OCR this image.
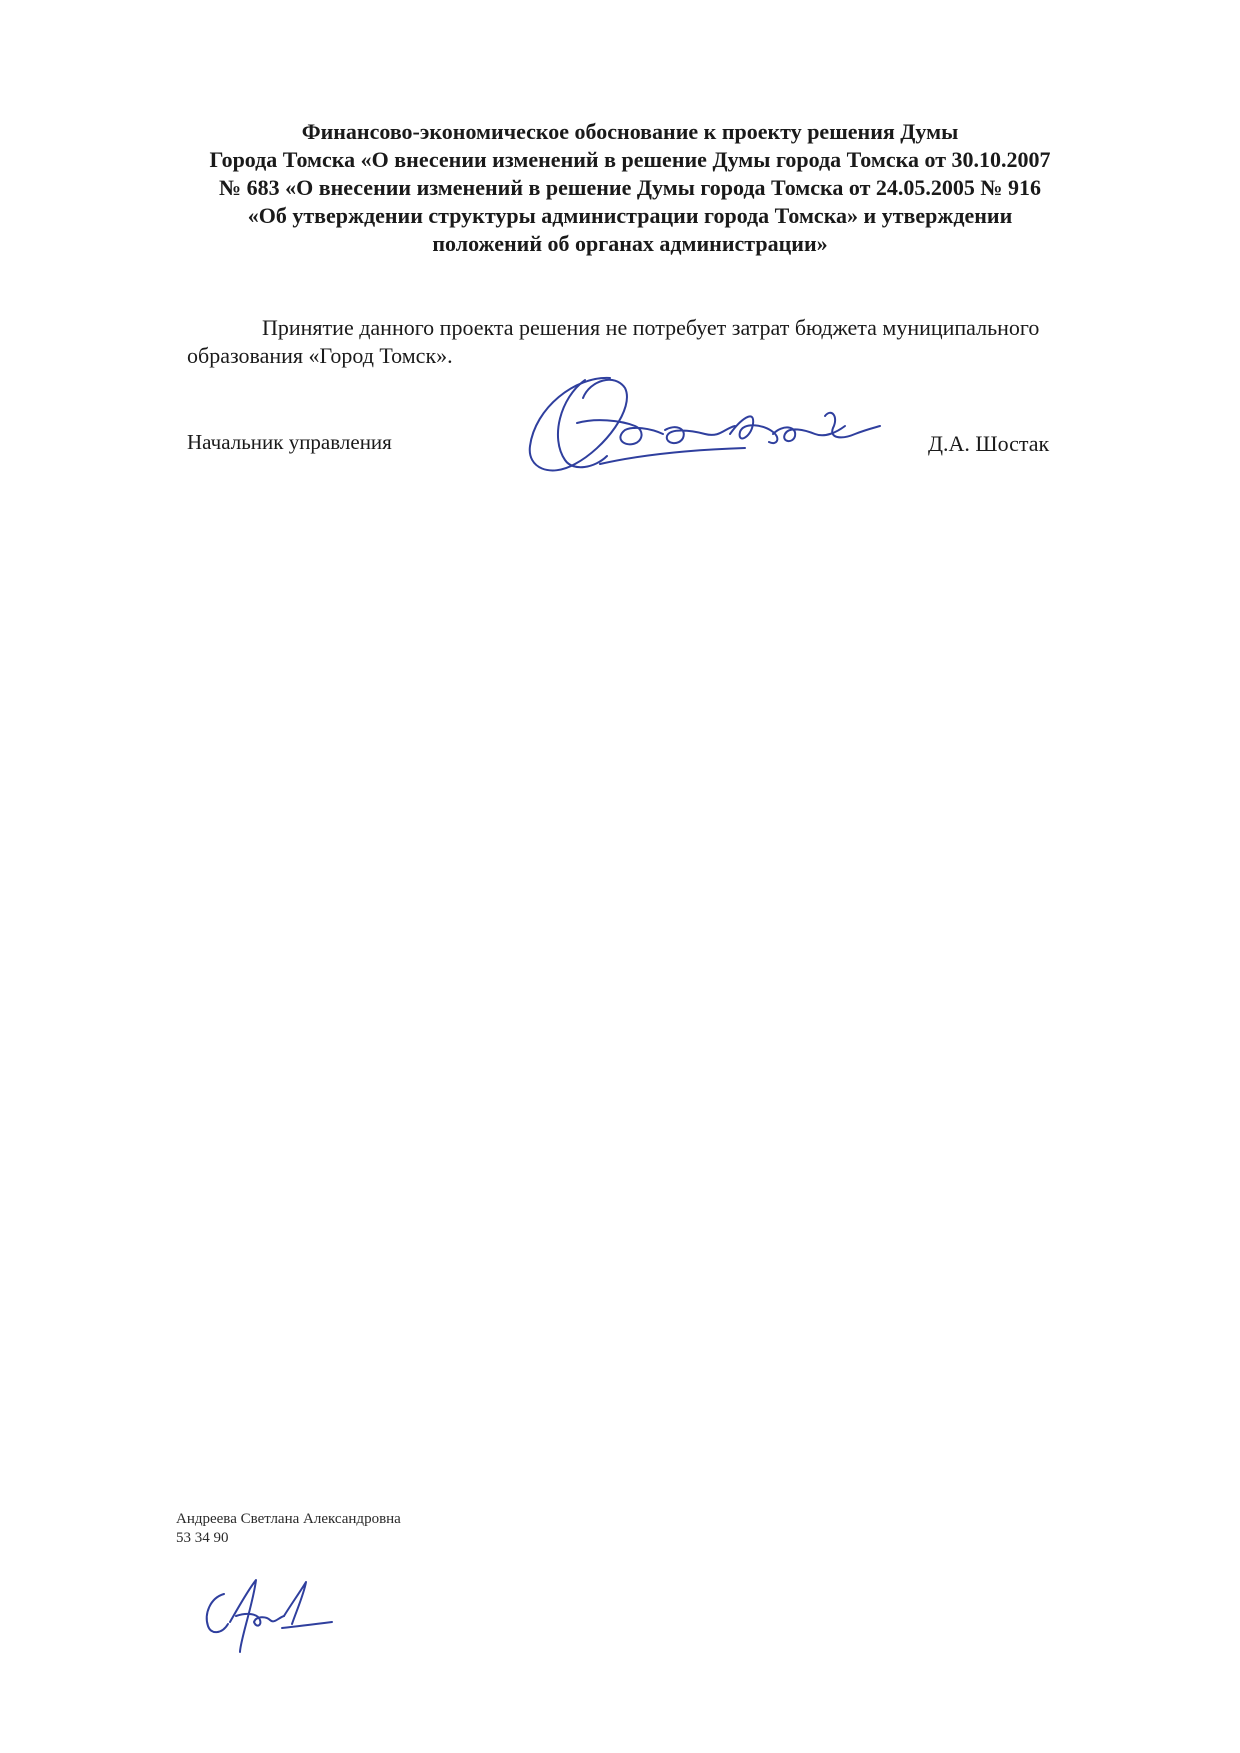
Финансово-экономическое обоснование к проекту решения Думы
Города Томска «О внесении изменений в решение Думы города Томска от 30.10.2007
№ 683 «О внесении изменений в решение Думы города Томска от 24.05.2005 № 916
«Об утверждении структуры администрации города Томска» и утверждении
положений об органах администрации»
Принятие данного проекта решения не потребует затрат бюджета муниципального
образования «Город Томск».
Начальник управления	Д.А. Шостак
Андреева Светлана Александровна
53 34 90
